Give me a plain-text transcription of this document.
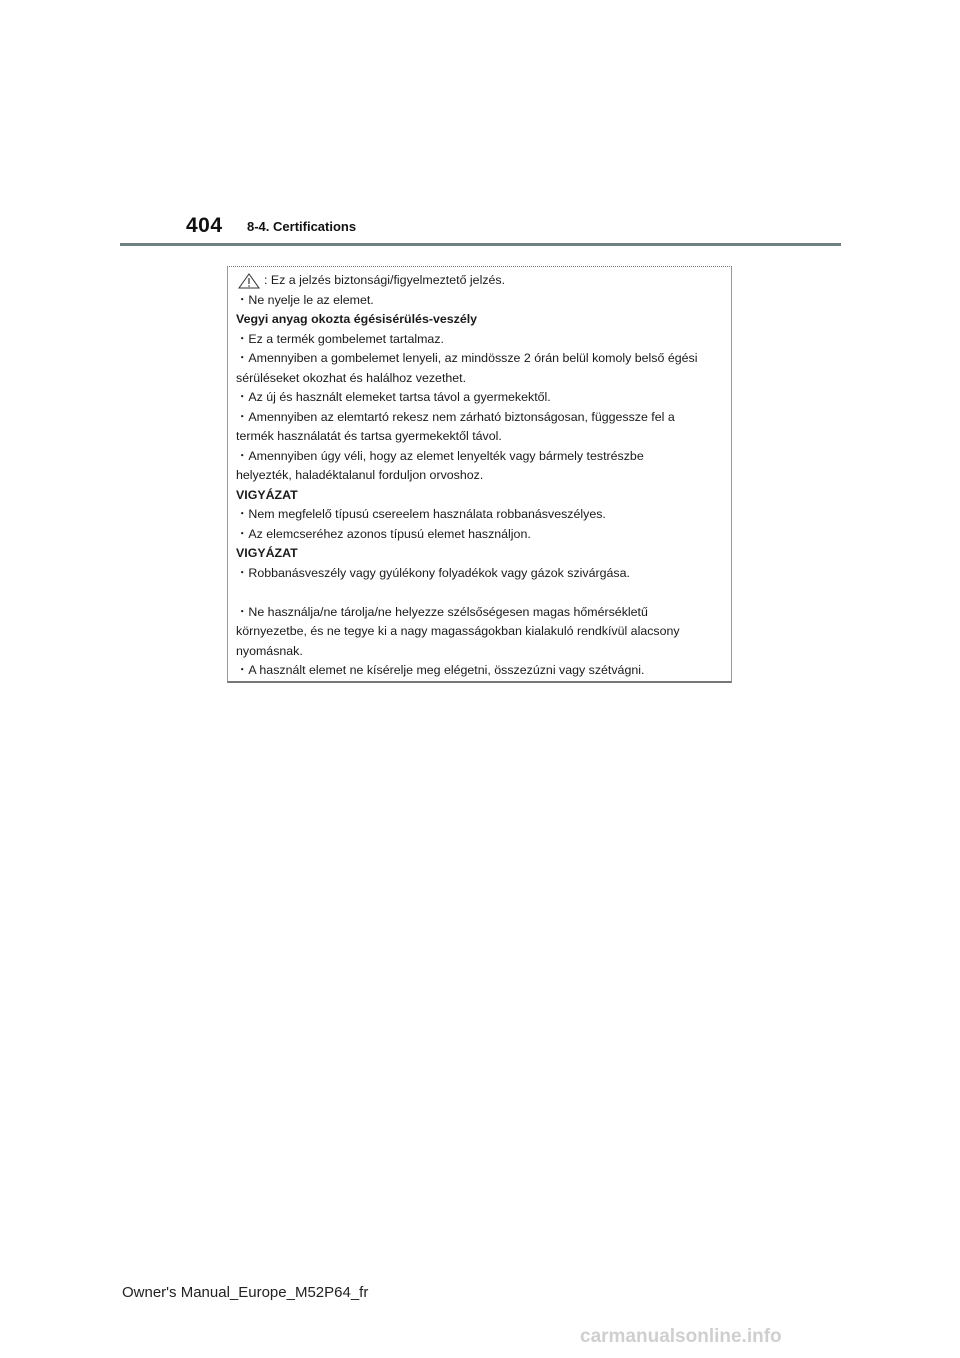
404 8-4. Certifications
: Ez a jelzés biztonsági/figyelmeztető jelzés.
・Ne nyelje le az elemet.
Vegyi anyag okozta égésisérülés-veszély
・Ez a termék gombelemet tartalmaz.
・Amennyiben a gombelemet lenyeli, az mindössze 2 órán belül komoly belső égési
sérüléseket okozhat és halálhoz vezethet.
・Az új és használt elemeket tartsa távol a gyermekektől.
・Amennyiben az elemtartó rekesz nem zárható biztonságosan, függessze fel a
termék használatát és tartsa gyermekektől távol.
・Amennyiben úgy véli, hogy az elemet lenyelték vagy bármely testrészbe
helyezték, haladéktalanul forduljon orvoshoz.
VIGYÁZAT
・Nem megfelelő típusú csereelem használata robbanásveszélyes.
・Az elemcseréhez azonos típusú elemet használjon.
VIGYÁZAT
・Robbanásveszély vagy gyúlékony folyadékok vagy gázok szivárgása.
・Ne használja/ne tárolja/ne helyezze szélsőségesen magas hőmérsékletű
környezetbe, és ne tegye ki a nagy magasságokban kialakuló rendkívül alacsony
nyomásnak.
・A használt elemet ne kísérelje meg elégetni, összezúzni vagy szétvágni.
Owner's Manual_Europe_M52P64_fr
carmanualsonline.info
